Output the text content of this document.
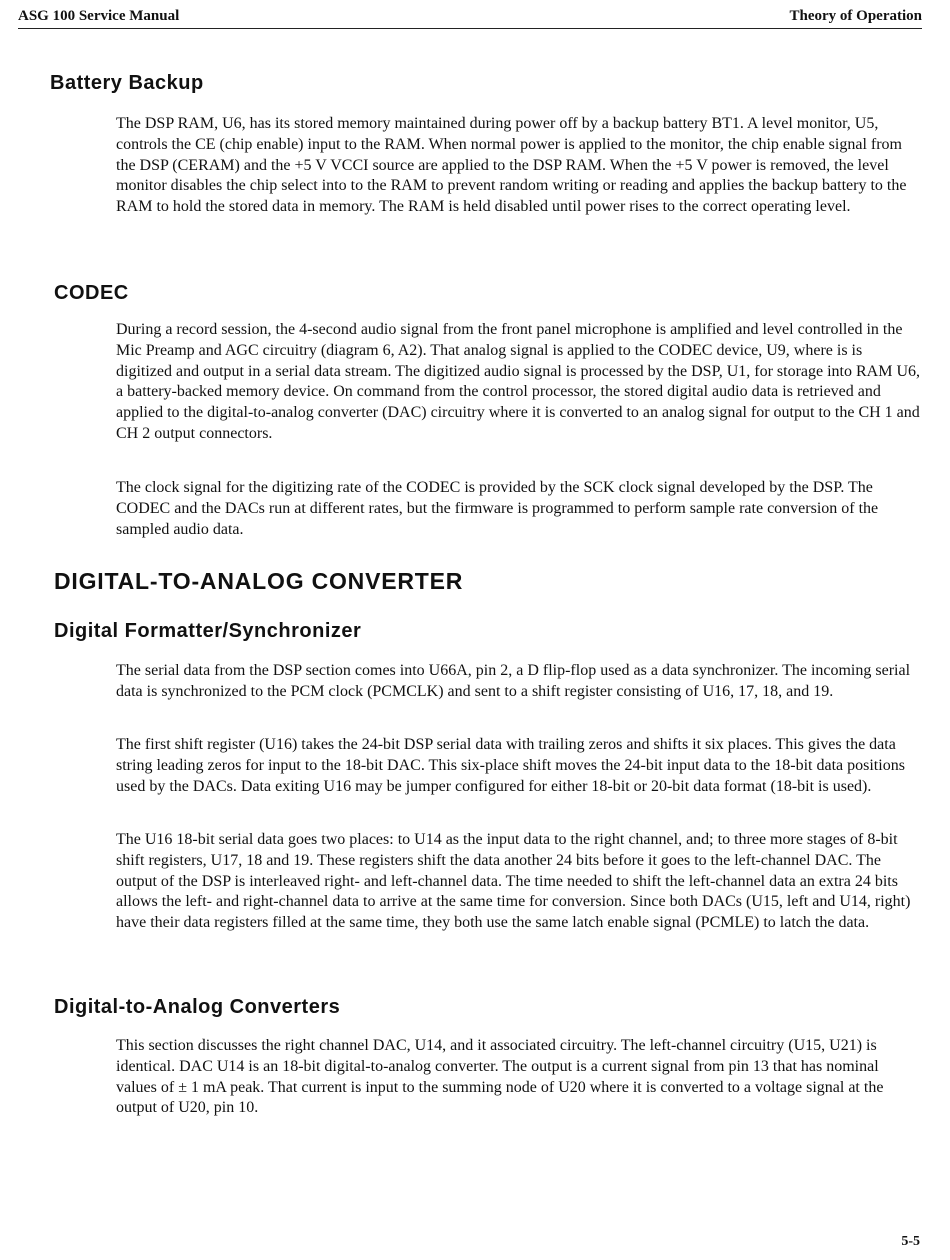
ASG 100 Service Manual	Theory of Operation
Battery Backup

The DSP RAM, U6, has its stored memory maintained during power off by a backup battery BT1. A level monitor, U5, controls the CE (chip enable) input to the RAM. When normal power is applied to the monitor, the chip enable signal from the DSP (CERAM) and the +5 V VCCI source are applied to the DSP RAM. When the +5 V power is removed, the level monitor disables the chip select into to the RAM to prevent random writing or reading and applies the backup battery to the RAM to hold the stored data in memory. The RAM is held disabled until power rises to the correct operating level.

CODEC

During a record session, the 4-second audio signal from the front panel microphone is amplified and level controlled in the Mic Preamp and AGC circuitry (diagram 6, A2). That analog signal is applied to the CODEC device, U9, where is is digitized and output in a serial data stream. The digitized audio signal is processed by the DSP, U1, for storage into RAM U6, a battery-backed memory device. On command from the control processor, the stored digital audio data is retrieved and applied to the digital-to-analog converter (DAC) circuitry where it is converted to an analog signal for output to the CH 1 and CH 2 output connectors.

The clock signal for the digitizing rate of the CODEC is provided by the SCK clock signal developed by the DSP. The CODEC and the DACs run at different rates, but the firmware is programmed to perform sample rate conversion of the sampled audio data.

DIGITAL-TO-ANALOG CONVERTER
Digital Formatter/Synchronizer

The serial data from the DSP section comes into U66A, pin 2, a D flip-flop used as a data synchronizer. The incoming serial data is synchronized to the PCM clock (PCMCLK) and sent to a shift register consisting of U16, 17, 18, and 19.

The first shift register (U16) takes the 24-bit DSP serial data with trailing zeros and shifts it six places. This gives the data string leading zeros for input to the 18-bit DAC. This six-place shift moves the 24-bit input data to the 18-bit data positions used by the DACs. Data exiting U16 may be jumper configured for either 18-bit or 20-bit data format (18-bit is used).

The U16 18-bit serial data goes two places: to U14 as the input data to the right channel, and; to three more stages of 8-bit shift registers, U17, 18 and 19. These registers shift the data another 24 bits before it goes to the left-channel DAC. The output of the DSP is interleaved right- and left-channel data. The time needed to shift the left-channel data an extra 24 bits allows the left- and right-channel data to arrive at the same time for conversion. Since both DACs (U15, left and U14, right) have their data registers filled at the same time, they both use the same latch enable signal (PCMLE) to latch the data.

Digital-to-Analog Converters

This section discusses the right channel DAC, U14, and it associated circuitry. The left-channel circuitry (U15, U21) is identical. DAC U14 is an 18-bit digital-to-analog converter. The output is a current signal from pin 13 that has nominal values of ± 1 mA peak. That current is input to the summing node of U20 where it is converted to a voltage signal at the output of U20, pin 10.

5-5
